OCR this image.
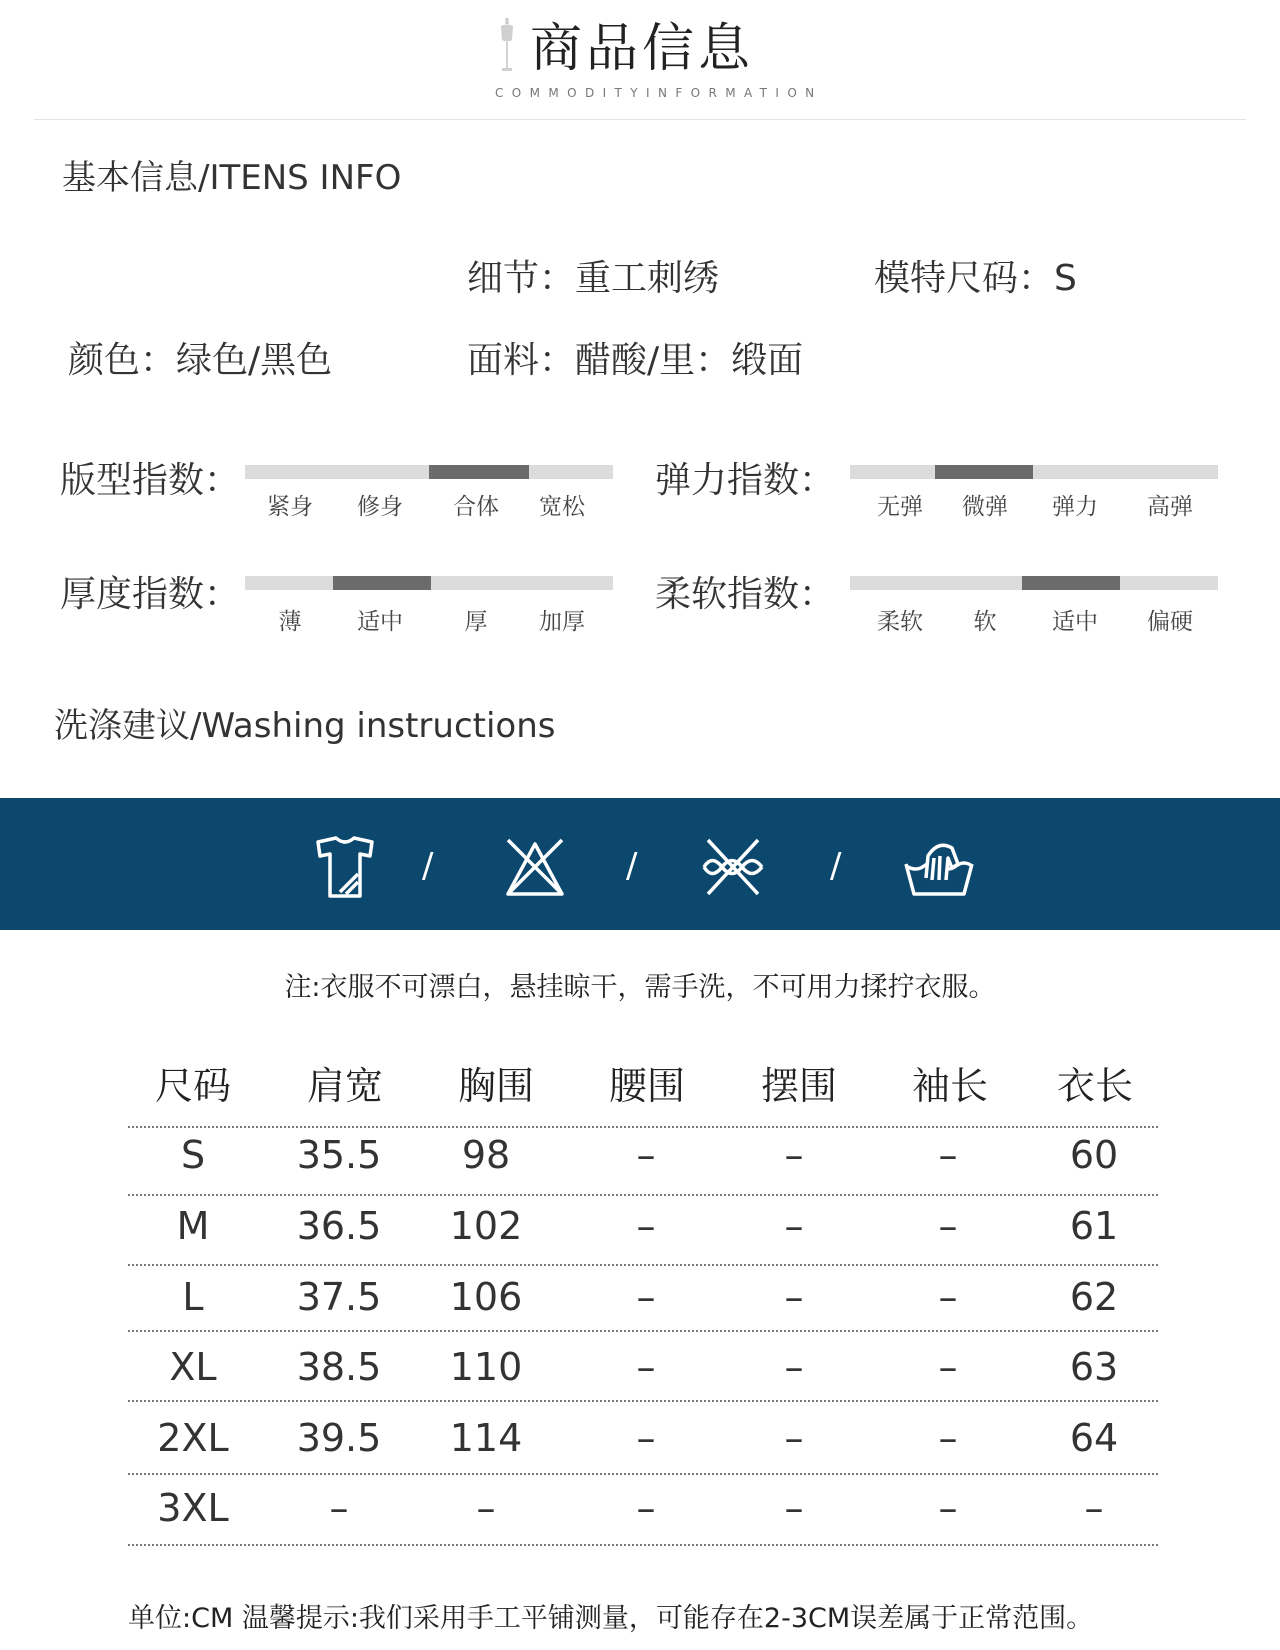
商品信息
COMMODITYINFORMATION
基本信息/ITENS INFO
细节：重工刺绣	模特尺码：S
颜色：绿色/黑色	面料：醋酸/里：缎面
版型指数：
紧身	修身	合体	宽松
弹力指数：
无弹	微弹	弹力	高弹
厚度指数：
薄	适中	厚	加厚
柔软指数：
柔软	软	适中	偏硬
洗涤建议/Washing instructions
/	/	/
注:衣服不可漂白，悬挂晾干，需手洗，不可用力揉拧衣服。
尺码	肩宽	胸围	腰围	摆围	袖长	衣长
S	35.5	98	–	–	–	60
M	36.5	102	–	–	–	61
L	37.5	106	–	–	–	62
XL	38.5	110	–	–	–	63
2XL	39.5	114	–	–	–	64
3XL	–	–	–	–	–	–
单位:CM 温馨提示:我们采用手工平铺测量，可能存在2-3CM误差属于正常范围。
